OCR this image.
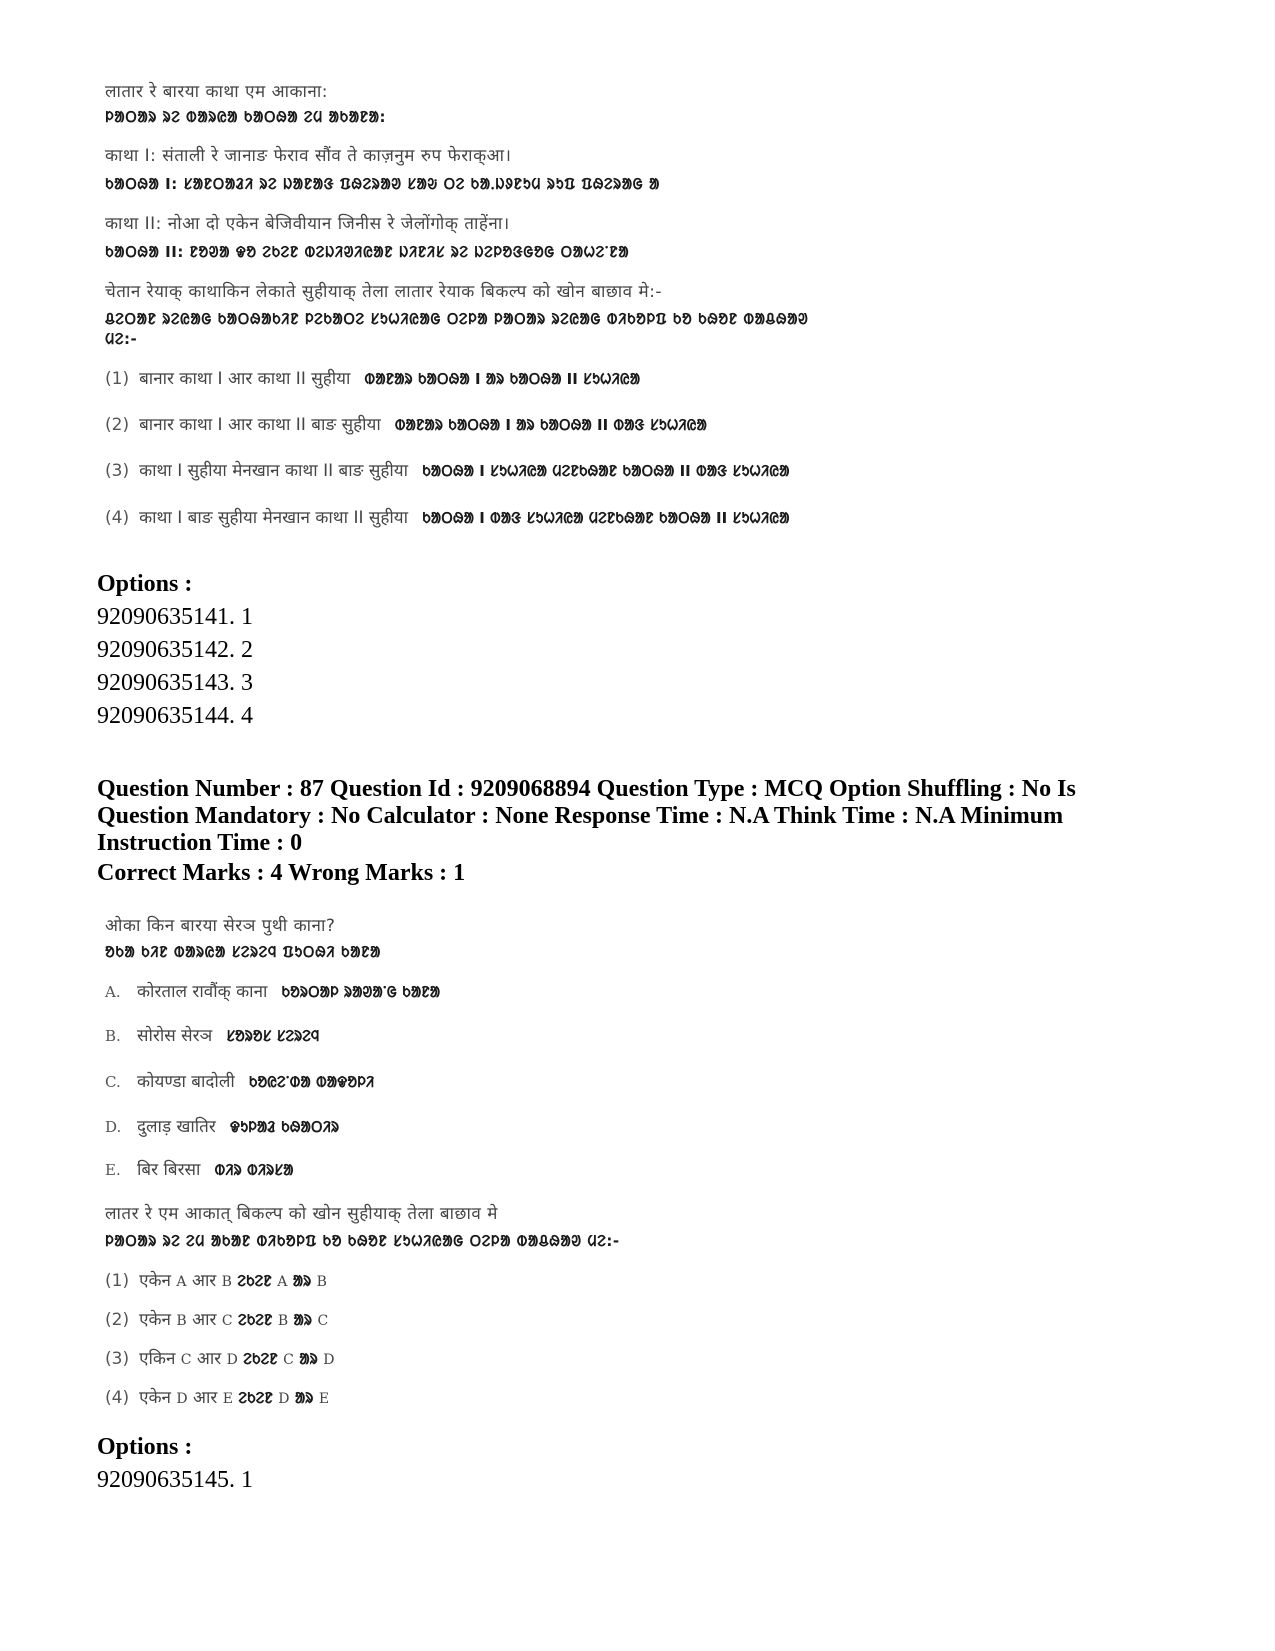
लातार रे बारया काथा एम आकाना:
ᱞᱟᱛᱟᱨ ᱨᱮ ᱵᱟᱨᱭᱟ ᱠᱟᱛᱷᱟ ᱮᱢ ᱟᱠᱟᱱᱟ:
काथा I: संताली रे जानाङ फेराव सौंव ते काज़नुम रुप फेराक्आ।
ᱠᱟᱛᱷᱟ I: ᱥᱟᱱᱛᱟᱲᱤ ᱨᱮ ᱡᱟᱱᱟᱝ ᱯᱷᱮᱨᱟᱣ ᱥᱟᱶ ᱛᱮ ᱠᱟᱹᱡᱽᱱᱩᱢ ᱨᱩᱯ ᱯᱷᱮᱨᱟᱜ ᱟ
काथा II: नोआ दो एकेन बेजिवीयान जिनीस रे जेलोंगोक् ताहेंना।
ᱠᱟᱛᱷᱟ II: ᱱᱚᱣᱟ ᱫᱚ ᱮᱠᱮᱱ ᱵᱮᱡᱤᱣᱤᱭᱟᱱ ᱡᱤᱱᱤᱥ ᱨᱮ ᱡᱮᱞᱚᱝᱜᱚᱜ ᱛᱟᱦᱮᱸᱱᱟ
चेतान रेयाक् काथाकिन लेकाते सुहीयाक् तेला लातार रेयाक बिकल्प को खोन बाछाव मे:-
ᱪᱮᱛᱟᱱ ᱨᱮᱭᱟᱜ ᱠᱟᱛᱷᱟᱠᱤᱱ ᱞᱮᱠᱟᱛᱮ ᱥᱩᱦᱤᱭᱟᱜ ᱛᱮᱞᱟ ᱞᱟᱛᱟᱨ ᱨᱮᱭᱟᱜ ᱵᱤᱠᱚᱞᱯ ᱠᱚ ᱠᱷᱚᱱ ᱵᱟᱪᱷᱟᱣ
ᱢᱮ:-
(1) बानार काथा I आर काथा II सुहीया ᱵᱟᱱᱟᱨ ᱠᱟᱛᱷᱟ I ᱟᱨ ᱠᱟᱛᱷᱟ II ᱥᱩᱦᱤᱭᱟ
(2) बानार काथा I आर काथा II बाङ सुहीया ᱵᱟᱱᱟᱨ ᱠᱟᱛᱷᱟ I ᱟᱨ ᱠᱟᱛᱷᱟ II ᱵᱟᱝ ᱥᱩᱦᱤᱭᱟ
(3) काथा I सुहीया मेनखान काथा II बाङ सुहीया ᱠᱟᱛᱷᱟ I ᱥᱩᱦᱤᱭᱟ ᱢᱮᱱᱠᱷᱟᱱ ᱠᱟᱛᱷᱟ II ᱵᱟᱝ ᱥᱩᱦᱤᱭᱟ
(4) काथा I बाङ सुहीया मेनखान काथा II सुहीया ᱠᱟᱛᱷᱟ I ᱵᱟᱝ ᱥᱩᱦᱤᱭᱟ ᱢᱮᱱᱠᱷᱟᱱ ᱠᱟᱛᱷᱟ II ᱥᱩᱦᱤᱭᱟ
Options :
92090635141. 1
92090635142. 2
92090635143. 3
92090635144. 4
Question Number : 87 Question Id : 9209068894 Question Type : MCQ Option Shuffling : No Is
Question Mandatory : No Calculator : None Response Time : N.A Think Time : N.A Minimum
Instruction Time : 0
Correct Marks : 4 Wrong Marks : 1
ओका किन बारया सेरञ पुथी काना?
ᱚᱠᱟ ᱠᱤᱱ ᱵᱟᱨᱭᱟ ᱥᱮᱨᱮᱧ ᱯᱩᱛᱷᱤ ᱠᱟᱱᱟ
A. कोरताल रावौंक् काना ᱠᱚᱨᱛᱟᱞ ᱨᱟᱣᱟᱸᱜ ᱠᱟᱱᱟ
B. सोरोस सेरञ ᱥᱚᱨᱚᱥ ᱥᱮᱨᱮᱧ
C. कोयण्डा बादोली ᱠᱚᱭᱮᱸᱰᱟ ᱵᱟᱫᱚᱞᱤ
D. दुलाड़ खातिर ᱫᱩᱞᱟᱲ ᱠᱷᱟᱛᱤᱨ
E. बिर बिरसा ᱵᱤᱨ ᱵᱤᱨᱥᱟ
लातर रे एम आकात् बिकल्प को खोन सुहीयाक् तेला बाछाव मे
ᱞᱟᱛᱟᱨ ᱨᱮ ᱮᱢ ᱟᱠᱟᱱ ᱵᱤᱠᱚᱞᱯ ᱠᱚ ᱠᱷᱚᱱ ᱥᱩᱦᱤᱭᱟᱜ ᱛᱮᱞᱟ ᱵᱟᱪᱷᱟᱣ ᱢᱮ:-
(1) एकेन A आर B ᱮᱠᱮᱱ A ᱟᱨ B
(2) एकेन B आर C ᱮᱠᱮᱱ B ᱟᱨ C
(3) एकिन C आर D ᱮᱠᱮᱱ C ᱟᱨ D
(4) एकेन D आर E ᱮᱠᱮᱱ D ᱟᱨ E
Options :
92090635145. 1
